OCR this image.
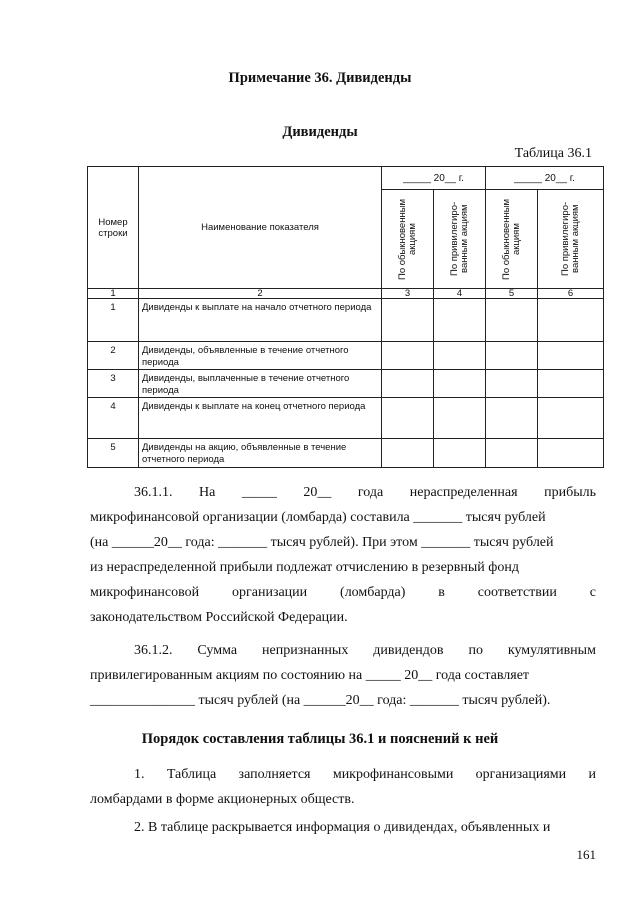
Примечание 36. Дивиденды
Дивиденды
Таблица 36.1
Номер строки	Наименование показателя	_____ 20__ г.		_____ 20__ г.	

		По обыкновенным акциям	По привилегиро-ванным акциям	По обыкновенным акциям	По привилегиро-ванным акциям

1	2	3	4	5	6
1	Дивиденды к выплате на начало отчетного периода				
2	Дивиденды, объявленные в течение отчетного периода				
3	Дивиденды, выплаченные в течение отчетного периода				
4	Дивиденды к выплате на конец отчетного периода				
5	Дивиденды на акцию, объявленные в течение отчетного периода				
36.1.1. На _____ 20__ года нераспределенная прибыль
микрофинансовой организации (ломбарда) составила _______ тысяч рублей
(на ______20__ года: _______ тысяч рублей). При этом _______ тысяч рублей
из нераспределенной прибыли подлежат отчислению в резервный фонд
микрофинансовой организации (ломбарда) в соответствии с
законодательством Российской Федерации.
36.1.2. Сумма непризнанных дивидендов по кумулятивным
привилегированным акциям по состоянию на _____ 20__ года составляет
_______________ тысяч рублей (на ______20__ года: _______ тысяч рублей).
Порядок составления таблицы 36.1 и пояснений к ней
1. Таблица заполняется микрофинансовыми организациями и
ломбардами в форме акционерных обществ.
2. В таблице раскрывается информация о дивидендах, объявленных и
161
